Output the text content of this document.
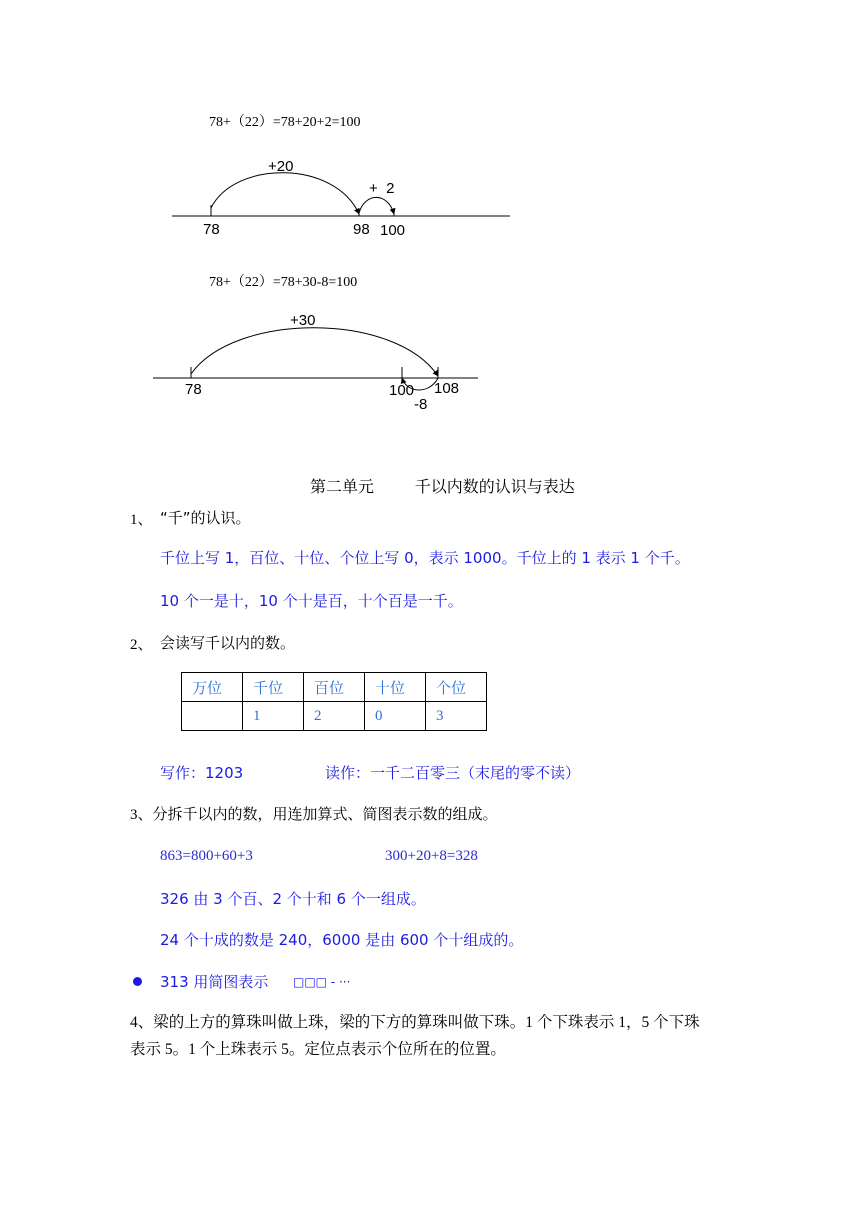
78+（22）=78+20+2=100
+20
+  2
78	98 100
78+（22）=78+30-8=100
+30
78	100 108
-8
第二单元        千以内数的认识与表达
1、 “千”的认识。
千位上写 1，百位、十位、个位上写 0，表示 1000。千位上的 1 表示 1 个千。
10 个一是十，10 个十是百，十个百是一千。
2、 会读写千以内的数。
万位	千位	百位	十位	个位
	1	2	0	3
写作：1203	读作：一千二百零三（末尾的零不读）
3、分拆千以内的数，用连加算式、简图表示数的组成。
863=800+60+3	300+20+8=328
326 由 3 个百、2 个十和 6 个一组成。
24 个十成的数是 240，6000 是由 600 个十组成的。
313 用简图表示 □□□ - ···
4、梁的上方的算珠叫做上珠，梁的下方的算珠叫做下珠。1 个下珠表示 1，5 个下珠
表示 5。1 个上珠表示 5。定位点表示个位所在的位置。
